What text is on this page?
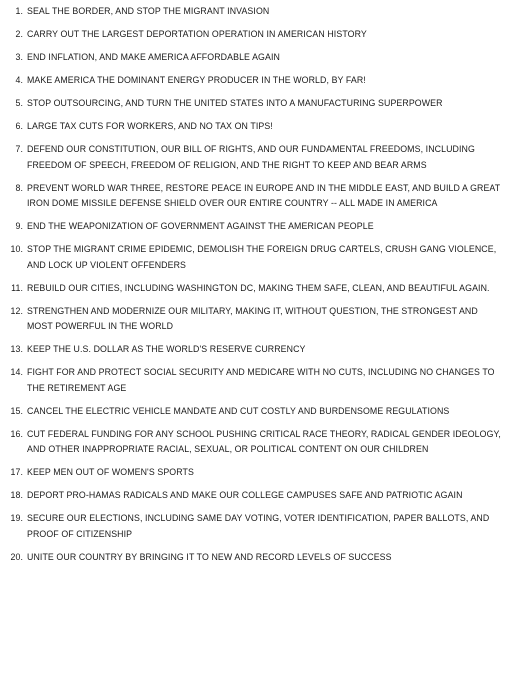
1. SEAL THE BORDER, AND STOP THE MIGRANT INVASION
2. CARRY OUT THE LARGEST DEPORTATION OPERATION IN AMERICAN HISTORY
3. END INFLATION, AND MAKE AMERICA AFFORDABLE AGAIN
4. MAKE AMERICA THE DOMINANT ENERGY PRODUCER IN THE WORLD, BY FAR!
5. STOP OUTSOURCING, AND TURN THE UNITED STATES INTO A MANUFACTURING SUPERPOWER
6. LARGE TAX CUTS FOR WORKERS, AND NO TAX ON TIPS!
7. DEFEND OUR CONSTITUTION, OUR BILL OF RIGHTS, AND OUR FUNDAMENTAL FREEDOMS, INCLUDING FREEDOM OF SPEECH, FREEDOM OF RELIGION, AND THE RIGHT TO KEEP AND BEAR ARMS
8. PREVENT WORLD WAR THREE, RESTORE PEACE IN EUROPE AND IN THE MIDDLE EAST, AND BUILD A GREAT IRON DOME MISSILE DEFENSE SHIELD OVER OUR ENTIRE COUNTRY -- ALL MADE IN AMERICA
9. END THE WEAPONIZATION OF GOVERNMENT AGAINST THE AMERICAN PEOPLE
10. STOP THE MIGRANT CRIME EPIDEMIC, DEMOLISH THE FOREIGN DRUG CARTELS, CRUSH GANG VIOLENCE, AND LOCK UP VIOLENT OFFENDERS
11. REBUILD OUR CITIES, INCLUDING WASHINGTON DC, MAKING THEM SAFE, CLEAN, AND BEAUTIFUL AGAIN.
12. STRENGTHEN AND MODERNIZE OUR MILITARY, MAKING IT, WITHOUT QUESTION, THE STRONGEST AND MOST POWERFUL IN THE WORLD
13. KEEP THE U.S. DOLLAR AS THE WORLD'S RESERVE CURRENCY
14. FIGHT FOR AND PROTECT SOCIAL SECURITY AND MEDICARE WITH NO CUTS, INCLUDING NO CHANGES TO THE RETIREMENT AGE
15. CANCEL THE ELECTRIC VEHICLE MANDATE AND CUT COSTLY AND BURDENSOME REGULATIONS
16. CUT FEDERAL FUNDING FOR ANY SCHOOL PUSHING CRITICAL RACE THEORY, RADICAL GENDER IDEOLOGY, AND OTHER INAPPROPRIATE RACIAL, SEXUAL, OR POLITICAL CONTENT ON OUR CHILDREN
17. KEEP MEN OUT OF WOMEN'S SPORTS
18. DEPORT PRO-HAMAS RADICALS AND MAKE OUR COLLEGE CAMPUSES SAFE AND PATRIOTIC AGAIN
19. SECURE OUR ELECTIONS, INCLUDING SAME DAY VOTING, VOTER IDENTIFICATION, PAPER BALLOTS, AND PROOF OF CITIZENSHIP
20. UNITE OUR COUNTRY BY BRINGING IT TO NEW AND RECORD LEVELS OF SUCCESS
